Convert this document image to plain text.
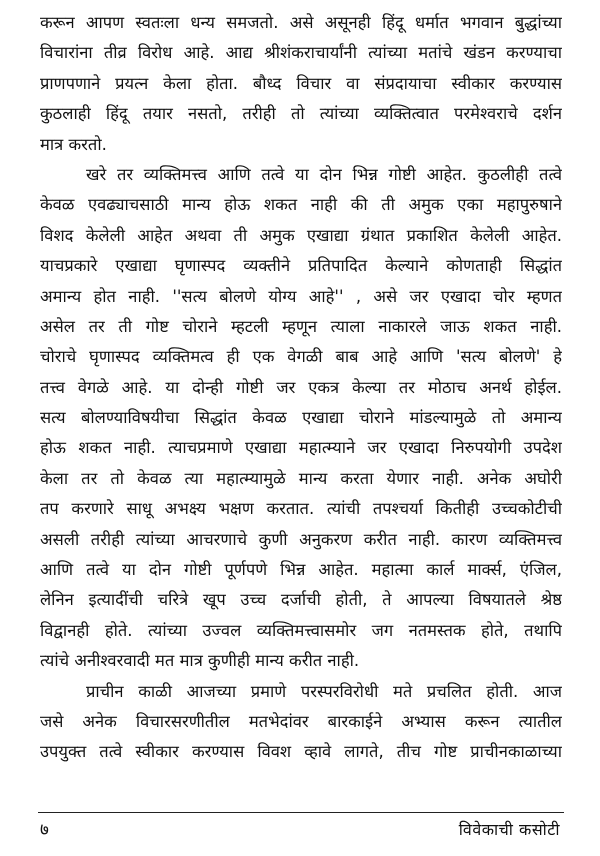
करून आपण स्वतःला धन्य समजतो. असे असूनही हिंदू धर्मात भगवान बुद्धांच्या
विचारांना तीव्र विरोध आहे. आद्य श्रीशंकराचार्यांनी त्यांच्या मतांचे खंडन करण्याचा
प्राणपणाने प्रयत्न केला होता. बौध्द विचार वा संप्रदायाचा स्वीकार करण्यास
कुठलाही हिंदू तयार नसतो, तरीही तो त्यांच्या व्यक्तित्वात परमेश्वराचे दर्शन
मात्र करतो.
खरे तर व्यक्तिमत्त्व आणि तत्वे या दोन भिन्न गोष्टी आहेत. कुठलीही तत्वे
केवळ एवढ्याचसाठी मान्य होऊ शकत नाही की ती अमुक एका महापुरुषाने
विशद केलेली आहेत अथवा ती अमुक एखाद्या ग्रंथात प्रकाशित केलेली आहेत.
याचप्रकारे एखाद्या घृणास्पद व्यक्तीने प्रतिपादित केल्याने कोणताही सिद्धांत
अमान्य होत नाही. ''सत्य बोलणे योग्य आहे'' , असे जर एखादा चोर म्हणत
असेल तर ती गोष्ट चोराने म्हटली म्हणून त्याला नाकारले जाऊ शकत नाही.
चोराचे घृणास्पद व्यक्तिमत्व ही एक वेगळी बाब आहे आणि 'सत्य बोलणे' हे
तत्त्व वेगळे आहे. या दोन्ही गोष्टी जर एकत्र केल्या तर मोठाच अनर्थ होईल.
सत्य बोलण्याविषयीचा सिद्धांत केवळ एखाद्या चोराने मांडल्यामुळे तो अमान्य
होऊ शकत नाही. त्याचप्रमाणे एखाद्या महात्म्याने जर एखादा निरुपयोगी उपदेश
केला तर तो केवळ त्या महात्म्यामुळे मान्य करता येणार नाही. अनेक अघोरी
तप करणारे साधू अभक्ष्य भक्षण करतात. त्यांची तपश्चर्या कितीही उच्चकोटीची
असली तरीही त्यांच्या आचरणाचे कुणी अनुकरण करीत नाही. कारण व्यक्तिमत्त्व
आणि तत्वे या दोन गोष्टी पूर्णपणे भिन्न आहेत. महात्मा कार्ल मार्क्स, एंजिल,
लेनिन इत्यादींची चरित्रे खूप उच्च दर्जाची होती, ते आपल्या विषयातले श्रेष्ठ
विद्वानही होते. त्यांच्या उज्वल व्यक्तिमत्त्वासमोर जग नतमस्तक होते, तथापि
त्यांचे अनीश्वरवादी मत मात्र कुणीही मान्य करीत नाही.
प्राचीन काळी आजच्या प्रमाणे परस्परविरोधी मते प्रचलित होती. आज
जसे अनेक विचारसरणीतील मतभेदांवर बारकाईने अभ्यास करून त्यातील
उपयुक्त तत्वे स्वीकार करण्यास विवश व्हावे लागते, तीच गोष्ट प्राचीनकाळाच्या
७	विवेकाची कसोटी
